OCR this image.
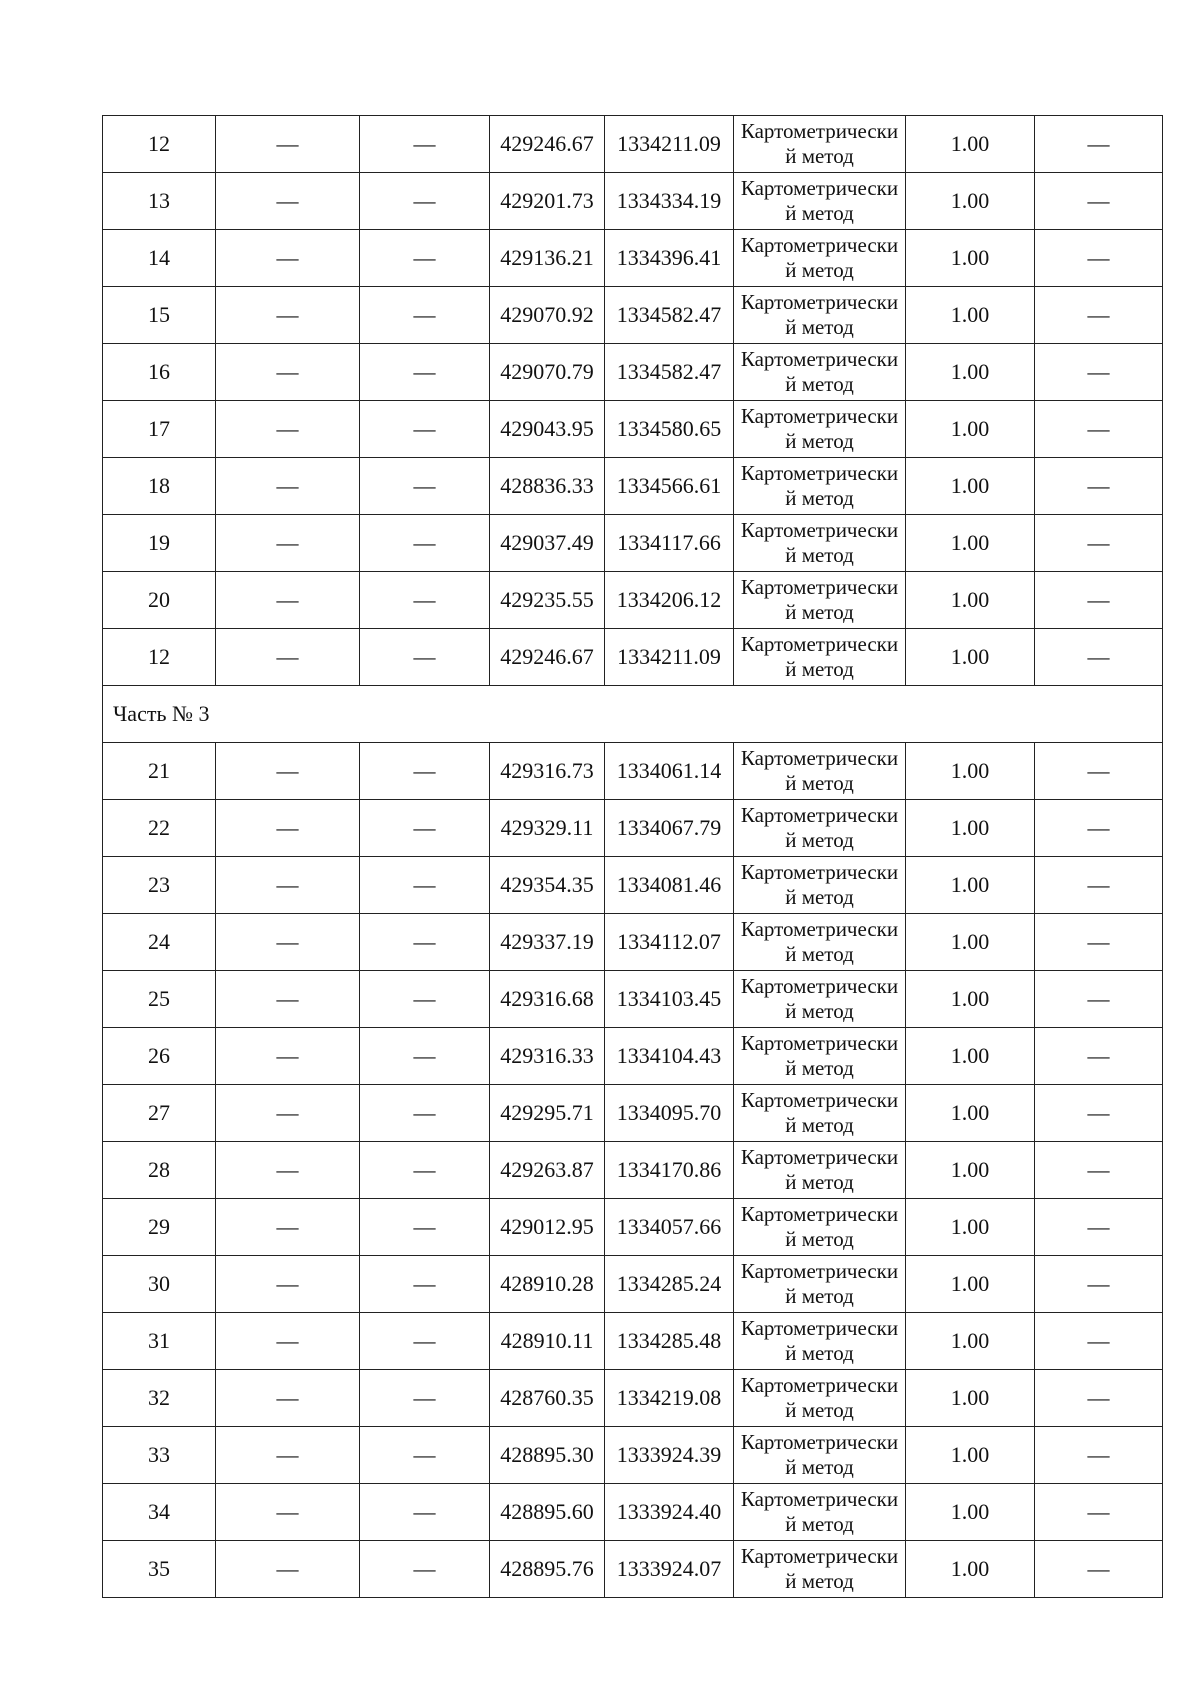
12	—	—	429246.67	1334211.09	Картометрический метод	1.00	—
13	—	—	429201.73	1334334.19	Картометрический метод	1.00	—
14	—	—	429136.21	1334396.41	Картометрический метод	1.00	—
15	—	—	429070.92	1334582.47	Картометрический метод	1.00	—
16	—	—	429070.79	1334582.47	Картометрический метод	1.00	—
17	—	—	429043.95	1334580.65	Картометрический метод	1.00	—
18	—	—	428836.33	1334566.61	Картометрический метод	1.00	—
19	—	—	429037.49	1334117.66	Картометрический метод	1.00	—
20	—	—	429235.55	1334206.12	Картометрический метод	1.00	—
12	—	—	429246.67	1334211.09	Картометрический метод	1.00	—
Часть № 3							
21	—	—	429316.73	1334061.14	Картометрический метод	1.00	—
22	—	—	429329.11	1334067.79	Картометрический метод	1.00	—
23	—	—	429354.35	1334081.46	Картометрический метод	1.00	—
24	—	—	429337.19	1334112.07	Картометрический метод	1.00	—
25	—	—	429316.68	1334103.45	Картометрический метод	1.00	—
26	—	—	429316.33	1334104.43	Картометрический метод	1.00	—
27	—	—	429295.71	1334095.70	Картометрический метод	1.00	—
28	—	—	429263.87	1334170.86	Картометрический метод	1.00	—
29	—	—	429012.95	1334057.66	Картометрический метод	1.00	—
30	—	—	428910.28	1334285.24	Картометрический метод	1.00	—
31	—	—	428910.11	1334285.48	Картометрический метод	1.00	—
32	—	—	428760.35	1334219.08	Картометрический метод	1.00	—
33	—	—	428895.30	1333924.39	Картометрический метод	1.00	—
34	—	—	428895.60	1333924.40	Картометрический метод	1.00	—
35	—	—	428895.76	1333924.07	Картометрический метод	1.00	—
